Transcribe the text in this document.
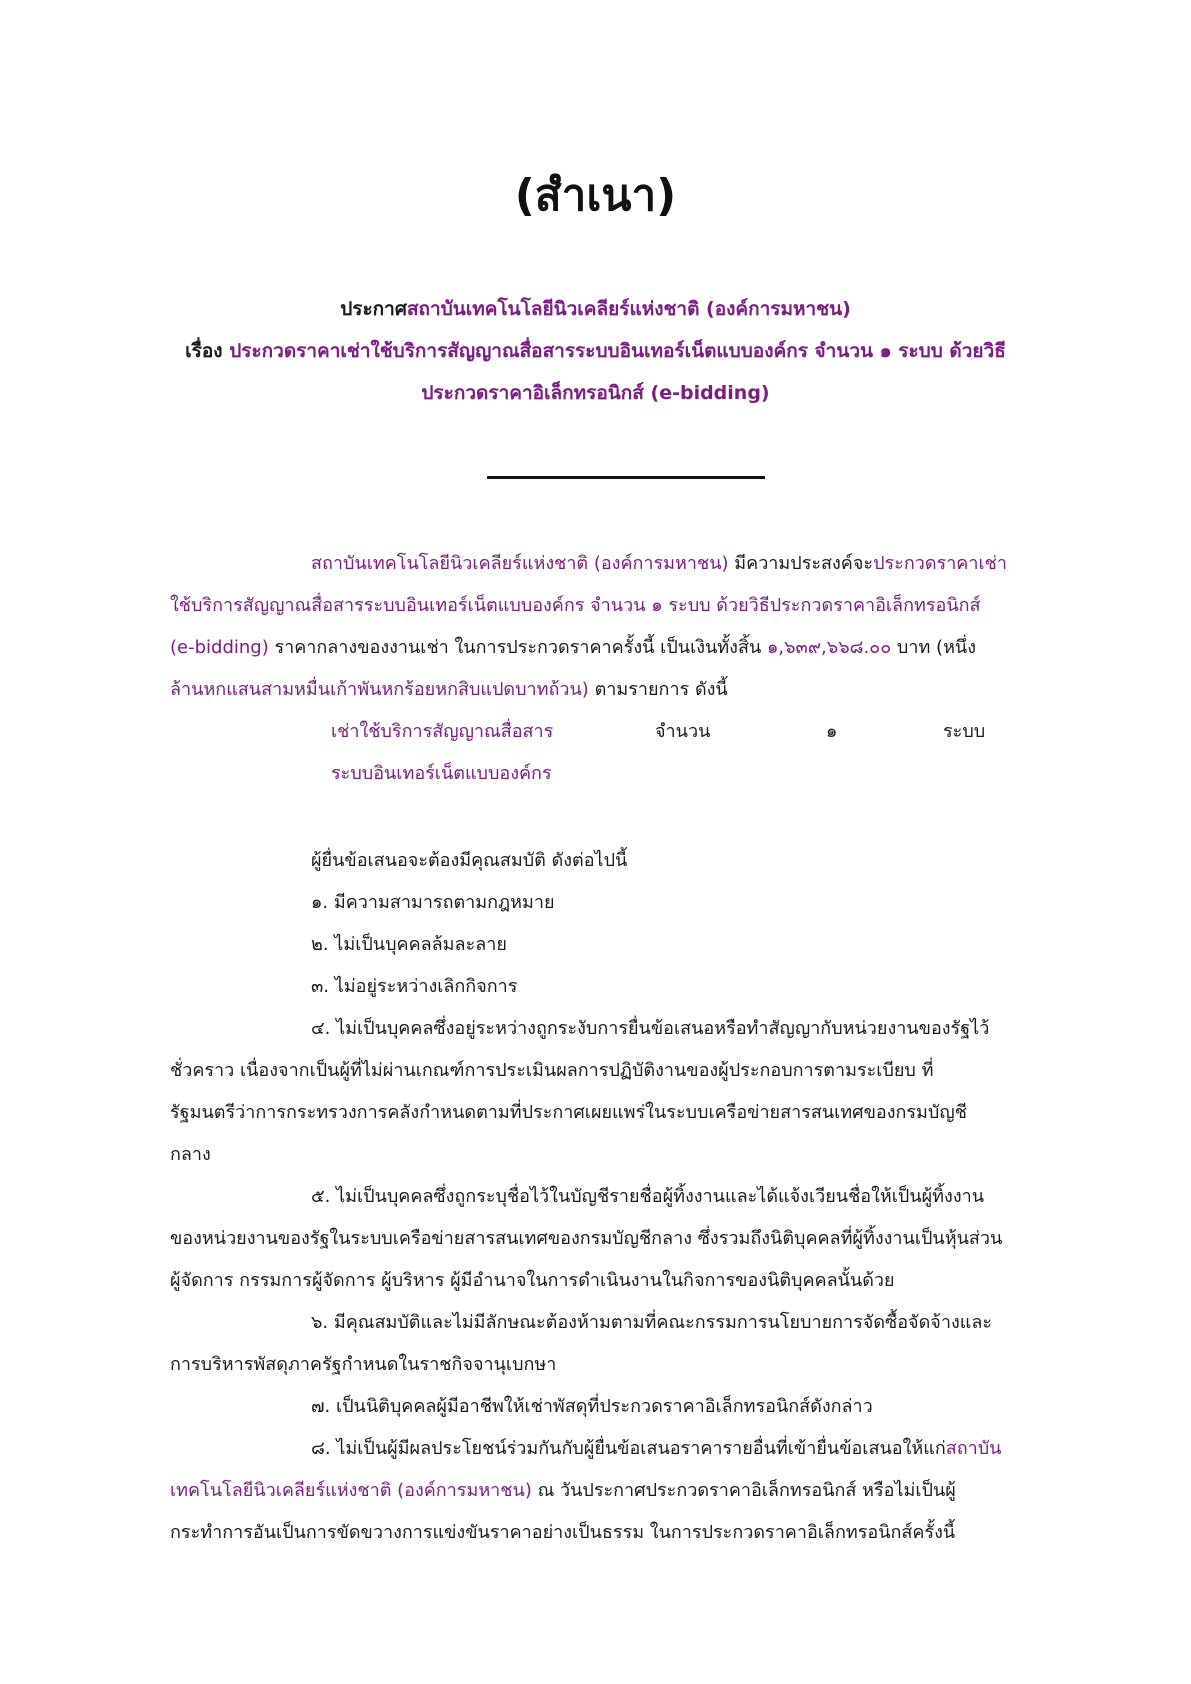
(สำเนา)
ประกาศสถาบันเทคโนโลยีนิวเคลียร์แห่งชาติ (องค์การมหาชน)
เรื่อง ประกวดราคาเช่าใช้บริการสัญญาณสื่อสารระบบอินเทอร์เน็ตแบบองค์กร จำนวน ๑ ระบบ ด้วยวิธี
ประกวดราคาอิเล็กทรอนิกส์ (e-bidding)
สถาบันเทคโนโลยีนิวเคลียร์แห่งชาติ (องค์การมหาชน) มีความประสงค์จะประกวดราคาเช่า
ใช้บริการสัญญาณสื่อสารระบบอินเทอร์เน็ตแบบองค์กร จำนวน ๑ ระบบ ด้วยวิธีประกวดราคาอิเล็กทรอนิกส์
(e-bidding) ราคากลางของงานเช่า ในการประกวดราคาครั้งนี้ เป็นเงินทั้งสิ้น ๑,๖๓๙,๖๖๘.๐๐ บาท (หนึ่ง
ล้านหกแสนสามหมื่นเก้าพันหกร้อยหกสิบแปดบาทถ้วน) ตามรายการ ดังนี้
เช่าใช้บริการสัญญาณสื่อสาร	จำนวน	๑	ระบบ
ระบบอินเทอร์เน็ตแบบองค์กร
ผู้ยื่นข้อเสนอจะต้องมีคุณสมบัติ ดังต่อไปนี้
๑. มีความสามารถตามกฎหมาย
๒. ไม่เป็นบุคคลล้มละลาย
๓. ไม่อยู่ระหว่างเลิกกิจการ
๔. ไม่เป็นบุคคลซึ่งอยู่ระหว่างถูกระงับการยื่นข้อเสนอหรือทำสัญญากับหน่วยงานของรัฐไว้
ชั่วคราว เนื่องจากเป็นผู้ที่ไม่ผ่านเกณฑ์การประเมินผลการปฏิบัติงานของผู้ประกอบการตามระเบียบ ที่
รัฐมนตรีว่าการกระทรวงการคลังกำหนดตามที่ประกาศเผยแพร่ในระบบเครือข่ายสารสนเทศของกรมบัญชี
กลาง
๕. ไม่เป็นบุคคลซึ่งถูกระบุชื่อไว้ในบัญชีรายชื่อผู้ทิ้งงานและได้แจ้งเวียนชื่อให้เป็นผู้ทิ้งงาน
ของหน่วยงานของรัฐในระบบเครือข่ายสารสนเทศของกรมบัญชีกลาง ซึ่งรวมถึงนิติบุคคลที่ผู้ทิ้งงานเป็นหุ้นส่วน
ผู้จัดการ กรรมการผู้จัดการ ผู้บริหาร ผู้มีอำนาจในการดำเนินงานในกิจการของนิติบุคคลนั้นด้วย
๖. มีคุณสมบัติและไม่มีลักษณะต้องห้ามตามที่คณะกรรมการนโยบายการจัดซื้อจัดจ้างและ
การบริหารพัสดุภาครัฐกำหนดในราชกิจจานุเบกษา
๗. เป็นนิติบุคคลผู้มีอาชีพให้เช่าพัสดุที่ประกวดราคาอิเล็กทรอนิกส์ดังกล่าว
๘. ไม่เป็นผู้มีผลประโยชน์ร่วมกันกับผู้ยื่นข้อเสนอราคารายอื่นที่เข้ายื่นข้อเสนอให้แก่สถาบัน
เทคโนโลยีนิวเคลียร์แห่งชาติ (องค์การมหาชน) ณ วันประกาศประกวดราคาอิเล็กทรอนิกส์ หรือไม่เป็นผู้
กระทำการอันเป็นการขัดขวางการแข่งขันราคาอย่างเป็นธรรม ในการประกวดราคาอิเล็กทรอนิกส์ครั้งนี้
